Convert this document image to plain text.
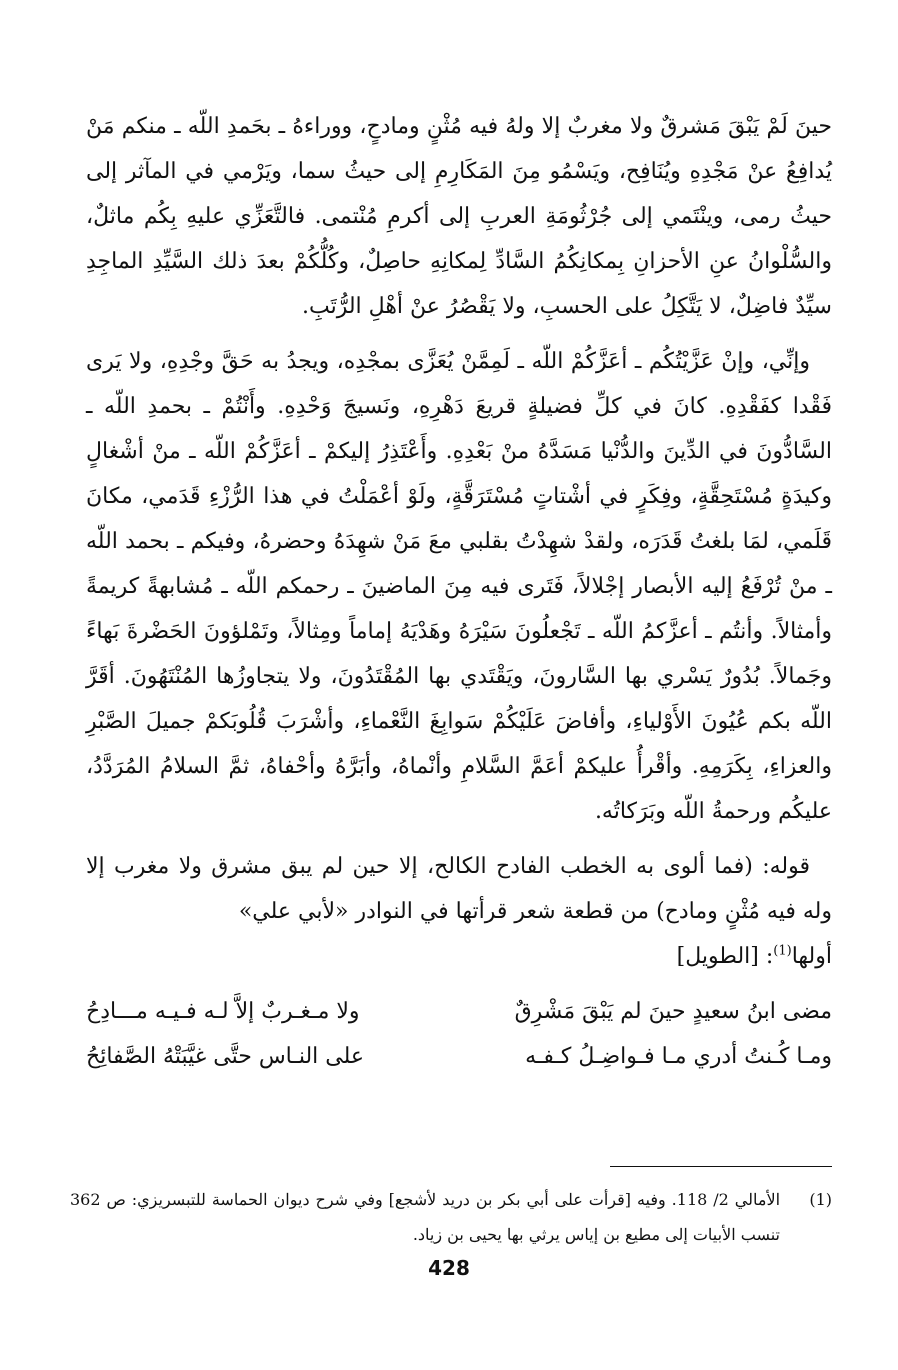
حينَ لَمْ يَبْقَ مَشرقٌ ولا مغربٌ إلا ولهُ فيه مُثْنٍ ومادحٍ، ووراءهُ ـ بحَمدِ اللّه ـ منكم مَنْ يُدافِعُ عنْ مَجْدِهِ ويُنَافِح، ويَسْمُو مِنَ المَكَارِمِ إلى حيثُ سما، ويَرْمي في المآثر إلى حيثُ رمى، وينْتَمي إلى جُرْثُومَةِ العربِ إلى أكرمِ مُنْتمى. فالتَّعَزِّي عليهِ بِكُم ماثلٌ، والسُّلْوانُ عنِ الأحزانِ بِمكانِكُمُ السَّادِّ لِمكانِهِ حاصِلٌ، وكُلُّكُمْ بعدَ ذلك السَّيِّدِ الماجِدِ سيِّدٌ فاضِلٌ، لا يَتَّكِلُ على الحسبِ، ولا يَقْصُرُ عنْ أهْلِ الرُّتَبِ.

وإنِّي، وإنْ عَزَّيْتُكُم ـ أعَزَّكُمْ اللّه ـ لَمِمَّنْ يُعَزَّى بمجْدِه، ويجدُ به حَقَّ وجْدِهِ، ولا يَرى فَقْدا كفَقْدِهِ. كانَ في كلِّ فضيلةٍ قريعَ دَهْرِهِ، ونَسيجَ وَحْدِهِ. وأَنْتُمْ ـ بحمدِ اللّه ـ السَّادُّونَ في الدِّينَ والدُّنْيا مَسَدَّهُ منْ بَعْدِهِ. وأَعْتَذِرُ إليكمْ ـ أعَزَّكُمْ اللّه ـ منْ أشْغالٍ وكيدَةٍ مُسْتَحِقَّةٍ، وفِكَرٍ في أشْتاتٍ مُسْتَرَقَّةٍ، ولَوْ أعْمَلْتُ في هذا الرُّزْءِ قَدَمي، مكانَ قَلَمي، لمَا بلغتُ قَدَرَه، ولقدْ شهِدْتُ بقلبي معَ مَنْ شهِدَهُ وحضرهُ، وفيكم ـ بحمد اللّه ـ منْ تُرْفَعُ إليه الأبصار إجْلالاً، فَتَرى فيه مِنَ الماضينَ ـ رحمكم اللّه ـ مُشابهةً كريمةً وأمثالاً. وأنتُم ـ أعزَّكمُ اللّه ـ تَجْعلُونَ سَيْرَهُ وهَدْيَهُ إماماً ومِثالاً، وتَمْلؤونَ الحَضْرةَ بَهاءً وجَمالاً. بُدُورٌ يَسْري بها السَّارونَ، ويَقْتَدي بها المُقْتَدُونَ، ولا يتجاوزُها المُنْتَهُونَ. أقَرَّ اللّه بكم عُيُونَ الأَوْلياءِ، وأفاضَ عَلَيْكُمْ سَوابِغَ النَّعْماءِ، وأشْرَبَ قُلُوبَكمْ جميلَ الصَّبْرِ والعزاءِ، بِكَرَمِهِ. وأقْرأُ عليكمْ أعَمَّ السَّلامِ وأنْماهُ، وأبَرَّهُ وأحْفاهُ، ثمَّ السلامُ المُرَدَّدُ، عليكُم ورحمةُ اللّه وبَرَكاتُه.

قوله: (فما ألوى به الخطب الفادح الكالح، إلا حين لم يبق مشرق ولا مغرب إلا وله فيه مُثْنٍ ومادح) من قطعة شعر قرأتها في النوادر «لأبي علي»
أولها$^{(1)}$: [الطويل]

مضى ابنُ سعيدٍ حينَ لم يَبْقَ مَشْرِقٌ
ولا مـغـربٌ إلاَّ لـه فـيـه مـــادِحُ
ومـا كُـنتُ أدري مـا فـواضِـلُ كـفـه
على النـاس حتَّى غيَّبَتْهُ الصَّفائِحُ
(1)
الأمالي 2/ 118. وفيه [قرأت على أبي بكر بن دريد لأشجع] وفي شرح ديوان الحماسة للتبسريزي: ص 362 تنسب الأبيات إلى مطيع بن إياس يرثي بها يحيى بن زياد.
428
